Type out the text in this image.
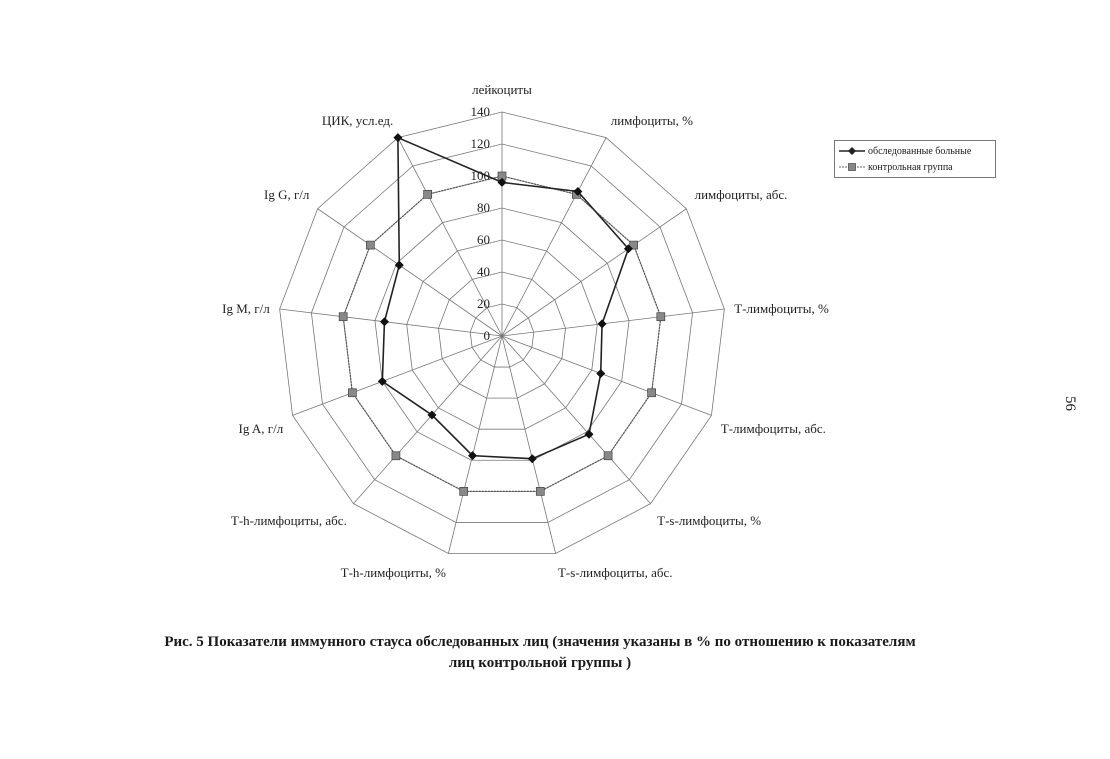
0
20
40
60
80
100
120
140
лейкоциты
лимфоциты, %
лимфоциты, абс.
Т-лимфоциты, %
Т-лимфоциты, абс.
Т-s-лимфоциты, %
Т-s-лимфоциты, абс.
Т-h-лимфоциты, %
Т-h-лимфоциты, абс.
Ig A, г/л
Ig M, г/л
Ig G, г/л
ЦИК, усл.ед.
обследованные больные
контрольная группа
Рис. 5 Показатели иммунного стауса обследованных лиц (значения указаны в % по отношению к показателям
лиц контрольной группы )
56
